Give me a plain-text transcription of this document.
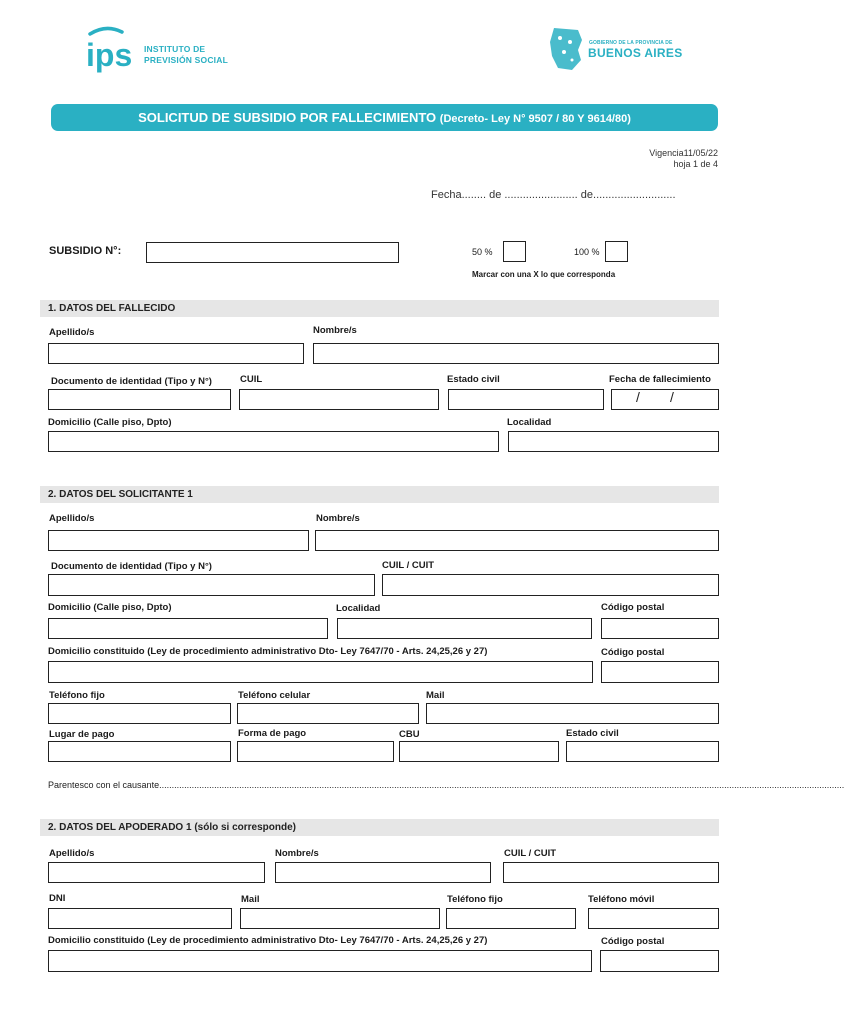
ips INSTITUTO DE
PREVISIÓN SOCIAL
GOBIERNO DE LA PROVINCIA DE
BUENOS AIRES
SOLICITUD DE SUBSIDIO POR FALLECIMIENTO (Decreto- Ley N° 9507 / 80 Y 9614/80)
Vigencia11/05/22
hoja 1 de 4
Fecha........ de ........................ de...........................
SUBSIDIO N°:	50 %	100 %
Marcar con una X lo que corresponda
1. DATOS DEL FALLECIDO
Apellido/s	Nombre/s
Documento de identidad (Tipo y N°)	CUIL	Estado civil	Fecha de fallecimiento
/ /
Domicilio (Calle piso, Dpto)	Localidad
2. DATOS DEL SOLICITANTE 1
Apellido/s	Nombre/s
Documento de identidad (Tipo y N°)	CUIL / CUIT
Domicilio (Calle piso, Dpto)	Localidad	Código postal
Domicilio constituido (Ley de procedimiento administrativo Dto- Ley 7647/70 - Arts. 24,25,26 y 27)	Código postal
Teléfono fijo	Teléfono celular	Mail
Lugar de pago	Forma de pago	CBU	Estado civil
Parentesco con el causante..................................................................................................................................................................................................................................................................................
2. DATOS DEL APODERADO 1 (sólo si corresponde)
Apellido/s	Nombre/s	CUIL / CUIT
DNI	Mail	Teléfono fijo	Teléfono móvil
Domicilio constituido (Ley de procedimiento administrativo Dto- Ley 7647/70 - Arts. 24,25,26 y 27)	Código postal
